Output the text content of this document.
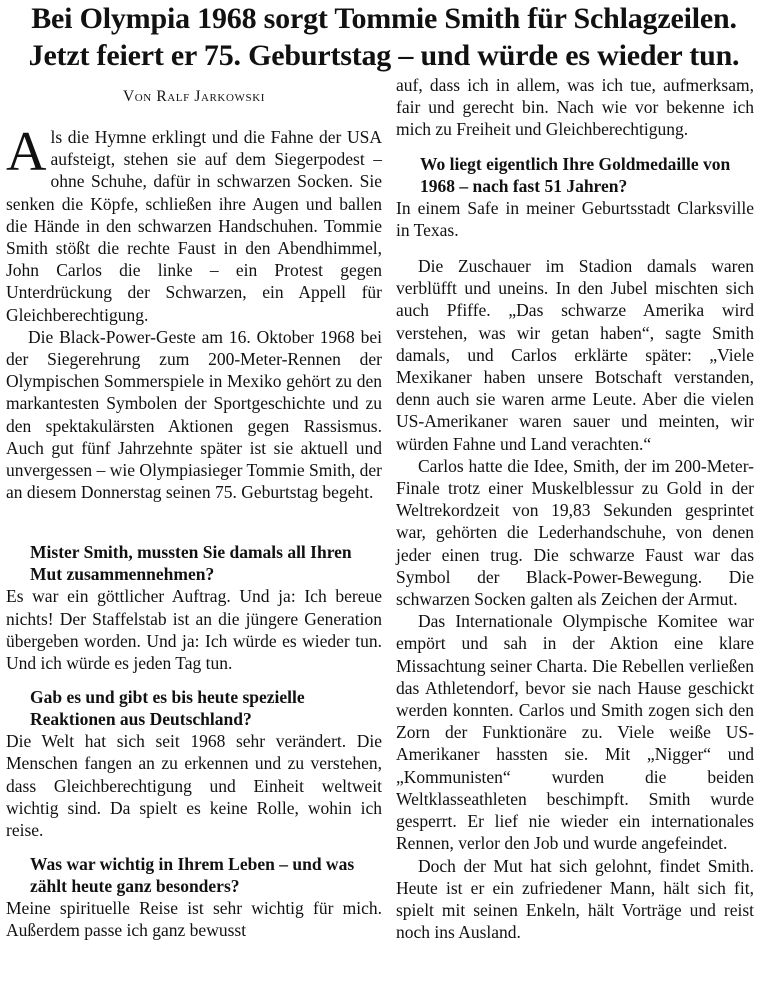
Bei Olympia 1968 sorgt Tommie Smith für Schlagzeilen.
Jetzt feiert er 75. Geburtstag – und würde es wieder tun.
Von Ralf Jarkowski

Als die Hymne erklingt und die Fahne der USA aufsteigt, stehen sie auf dem Siegerpodest – ohne Schuhe, dafür in schwarzen Socken. Sie senken die Köpfe, schließen ihre Augen und ballen die Hände in den schwarzen Handschuhen. Tommie Smith stößt die rechte Faust in den Abendhimmel, John Carlos die linke – ein Protest gegen Unterdrückung der Schwarzen, ein Appell für Gleichberechtigung.

Die Black-Power-Geste am 16. Oktober 1968 bei der Siegerehrung zum 200-Meter-Rennen der Olympischen Sommerspiele in Mexiko gehört zu den markantesten Symbolen der Sportgeschichte und zu den spektakulärsten Aktionen gegen Rassismus. Auch gut fünf Jahrzehnte später ist sie aktuell und unvergessen – wie Olympiasieger Tommie Smith, der an diesem Donnerstag seinen 75. Geburtstag begeht.

Mister Smith, mussten Sie damals all Ihren Mut zusammennehmen?

Es war ein göttlicher Auftrag. Und ja: Ich bereue nichts! Der Staffelstab ist an die jüngere Generation übergeben worden. Und ja: Ich würde es wieder tun. Und ich würde es jeden Tag tun.

Gab es und gibt es bis heute spezielle Reaktionen aus Deutschland?

Die Welt hat sich seit 1968 sehr verändert. Die Menschen fangen an zu erkennen und zu verstehen, dass Gleichberechtigung und Einheit weltweit wichtig sind. Da spielt es keine Rolle, wohin ich reise.

Was war wichtig in Ihrem Leben – und was zählt heute ganz besonders?

Meine spirituelle Reise ist sehr wichtig für mich. Außerdem passe ich ganz bewusst

auf, dass ich in allem, was ich tue, aufmerksam, fair und gerecht bin. Nach wie vor bekenne ich mich zu Freiheit und Gleichberechtigung.

Wo liegt eigentlich Ihre Goldmedaille von 1968 – nach fast 51 Jahren?

In einem Safe in meiner Geburtsstadt Clarksville in Texas.

Die Zuschauer im Stadion damals waren verblüfft und uneins. In den Jubel mischten sich auch Pfiffe. „Das schwarze Amerika wird verstehen, was wir getan haben“, sagte Smith damals, und Carlos erklärte später: „Viele Mexikaner haben unsere Botschaft verstanden, denn auch sie waren arme Leute. Aber die vielen US-Amerikaner waren sauer und meinten, wir würden Fahne und Land verachten.“

Carlos hatte die Idee, Smith, der im 200-Meter-Finale trotz einer Muskelblessur zu Gold in der Weltrekordzeit von 19,83 Sekunden gesprintet war, gehörten die Lederhandschuhe, von denen jeder einen trug. Die schwarze Faust war das Symbol der Black-Power-Bewegung. Die schwarzen Socken galten als Zeichen der Armut.

Das Internationale Olympische Komitee war empört und sah in der Aktion eine klare Missachtung seiner Charta. Die Rebellen verließen das Athletendorf, bevor sie nach Hause geschickt werden konnten. Carlos und Smith zogen sich den Zorn der Funktionäre zu. Viele weiße US-Amerikaner hassten sie. Mit „Nigger“ und „Kommunisten“ wurden die beiden Weltklasseathleten beschimpft. Smith wurde gesperrt. Er lief nie wieder ein internationales Rennen, verlor den Job und wurde angefeindet.

Doch der Mut hat sich gelohnt, findet Smith. Heute ist er ein zufriedener Mann, hält sich fit, spielt mit seinen Enkeln, hält Vorträge und reist noch ins Ausland.
